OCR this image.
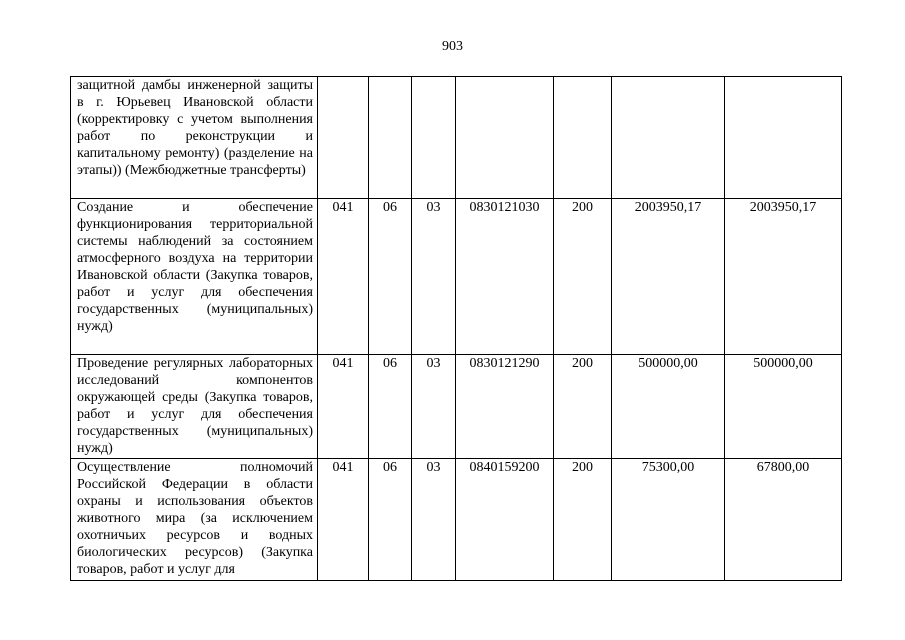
903
защитной дамбы инженерной защиты в г. Юрьевец Ивановской области (корректировку с учетом выполнения работ по реконструкции и капитальному ремонту) (разделение на этапы)) (Межбюджетные трансферты)							
Создание и обеспечение функционирования территориальной системы наблюдений за состоянием атмосферного воздуха на территории Ивановской области (Закупка товаров, работ и услуг для обеспечения государственных (муниципальных) нужд)	041	06	03	0830121030	200	2003950,17	2003950,17
Проведение регулярных лабораторных исследований компонентов окружающей среды (Закупка товаров, работ и услуг для обеспечения государственных (муниципальных) нужд)	041	06	03	0830121290	200	500000,00	500000,00
Осуществление полномочий Российской Федерации в области охраны и использования объектов животного мира (за исключением охотничьих ресурсов и водных биологических ресурсов) (Закупка товаров, работ и услуг для	041	06	03	0840159200	200	75300,00	67800,00
